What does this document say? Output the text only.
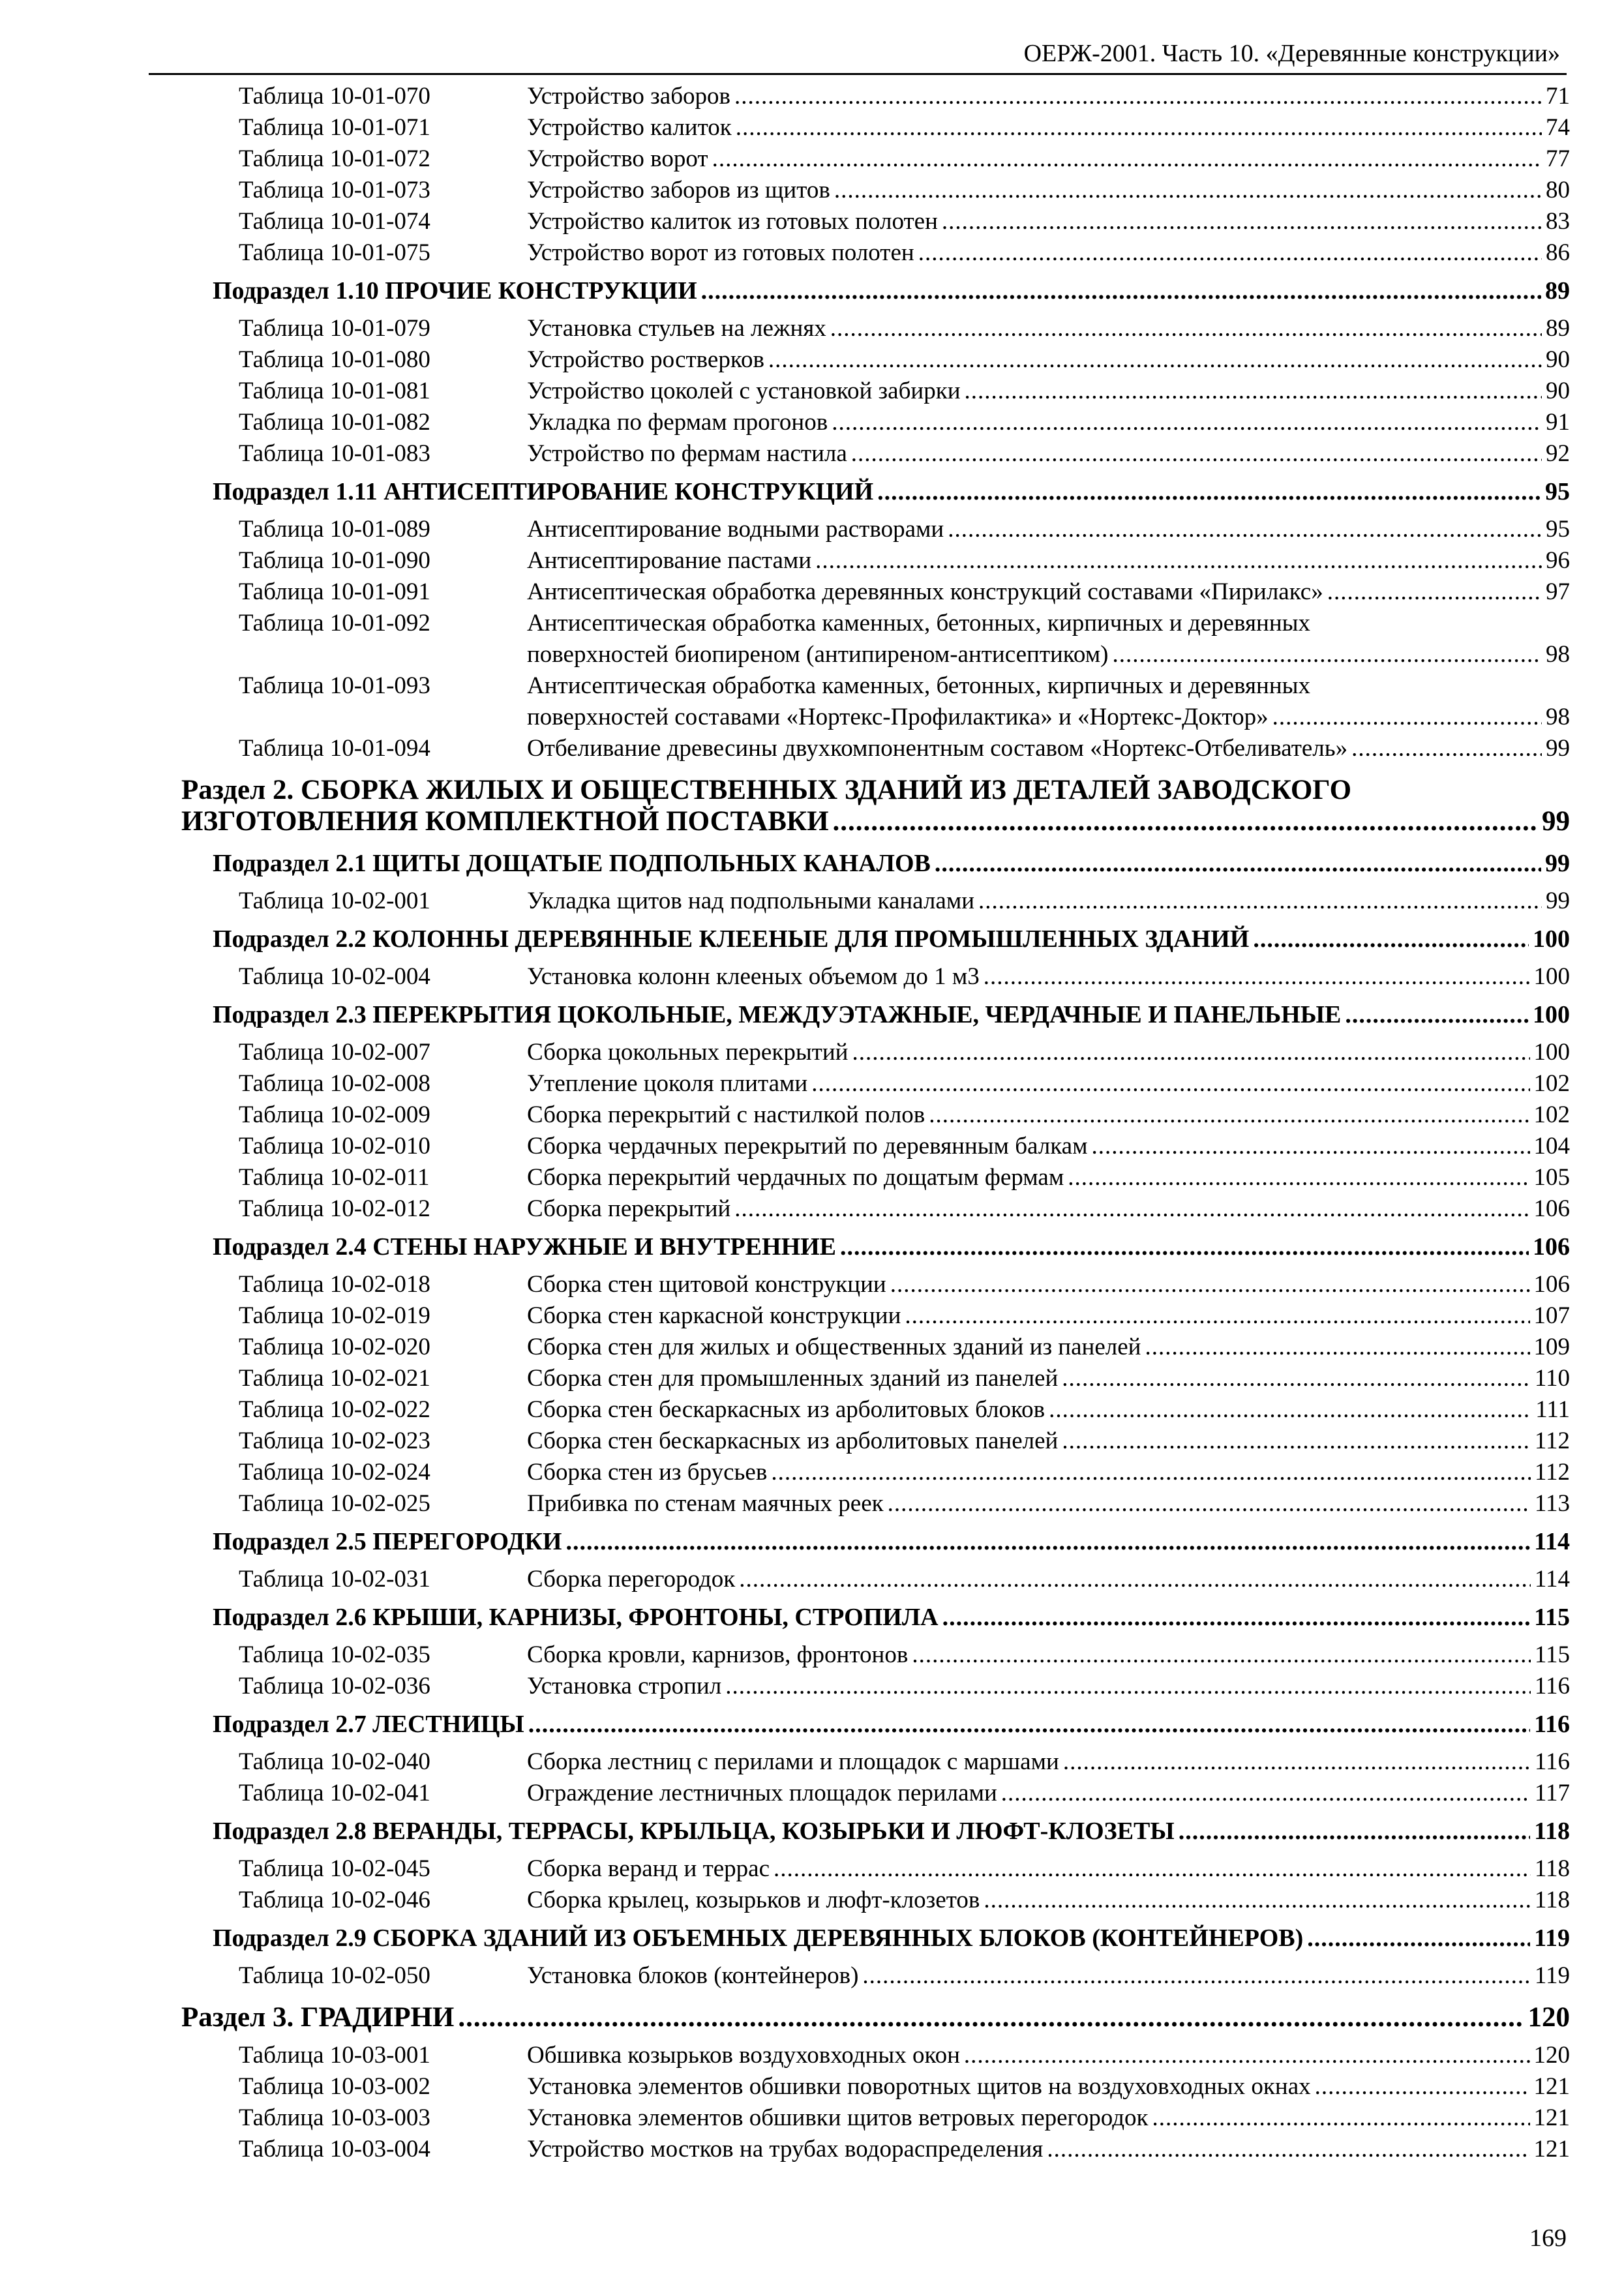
ОЕРЖ-2001. Часть 10. «Деревянные конструкции»
Таблица 10-01-070	Устройство заборов .....	71
Таблица 10-01-071	Устройство калиток .....	74
Таблица 10-01-072	Устройство ворот .....	77
Таблица 10-01-073	Устройство заборов из щитов .....	80
Таблица 10-01-074	Устройство калиток из готовых полотен .....	83
Таблица 10-01-075	Устройство ворот из готовых полотен .....	86
Подраздел 1.10 ПРОЧИЕ КОНСТРУКЦИИ .....	89
Таблица 10-01-079	Установка стульев на лежнях .....	89
Таблица 10-01-080	Устройство ростверков .....	90
Таблица 10-01-081	Устройство цоколей с установкой забирки .....	90
Таблица 10-01-082	Укладка по фермам прогонов .....	91
Таблица 10-01-083	Устройство по фермам настила .....	92
Подраздел 1.11 АНТИСЕПТИРОВАНИЕ КОНСТРУКЦИЙ .....	95
Таблица 10-01-089	Антисептирование водными растворами .....	95
Таблица 10-01-090	Антисептирование пастами .....	96
Таблица 10-01-091	Антисептическая обработка деревянных конструкций составами «Пирилакс» .....	97
Таблица 10-01-092	Антисептическая обработка каменных, бетонных, кирпичных и деревянных
поверхностей биопиреном (антипиреном-антисептиком) .....	98
Таблица 10-01-093	Антисептическая обработка каменных, бетонных, кирпичных и деревянных
поверхностей составами «Нортекс-Профилактика» и «Нортекс-Доктор» .....	98
Таблица 10-01-094	Отбеливание древесины двухкомпонентным составом «Нортекс-Отбеливатель» .....	99
Раздел 2. СБОРКА ЖИЛЫХ И ОБЩЕСТВЕННЫХ ЗДАНИЙ ИЗ ДЕТАЛЕЙ ЗАВОДСКОГО
ИЗГОТОВЛЕНИЯ КОМПЛЕКТНОЙ ПОСТАВКИ .....	99
Подраздел 2.1 ЩИТЫ ДОЩАТЫЕ ПОДПОЛЬНЫХ КАНАЛОВ .....	99
Таблица 10-02-001	Укладка щитов над подпольными каналами .....	99
Подраздел 2.2 КОЛОННЫ ДЕРЕВЯННЫЕ КЛЕЕНЫЕ ДЛЯ ПРОМЫШЛЕННЫХ ЗДАНИЙ .....	100
Таблица 10-02-004	Установка колонн клееных объемом до 1 м3 .....	100
Подраздел 2.3 ПЕРЕКРЫТИЯ ЦОКОЛЬНЫЕ, МЕЖДУЭТАЖНЫЕ, ЧЕРДАЧНЫЕ И ПАНЕЛЬНЫЕ .....	100
Таблица 10-02-007	Сборка цокольных перекрытий .....	100
Таблица 10-02-008	Утепление цоколя плитами .....	102
Таблица 10-02-009	Сборка перекрытий с настилкой полов .....	102
Таблица 10-02-010	Сборка чердачных перекрытий по деревянным балкам .....	104
Таблица 10-02-011	Сборка перекрытий чердачных по дощатым фермам .....	105
Таблица 10-02-012	Сборка перекрытий .....	106
Подраздел 2.4 СТЕНЫ НАРУЖНЫЕ И ВНУТРЕННИЕ .....	106
Таблица 10-02-018	Сборка стен щитовой конструкции .....	106
Таблица 10-02-019	Сборка стен каркасной конструкции .....	107
Таблица 10-02-020	Сборка стен для жилых и общественных зданий из панелей .....	109
Таблица 10-02-021	Сборка стен для промышленных зданий из панелей .....	110
Таблица 10-02-022	Сборка стен бескаркасных из арболитовых блоков .....	111
Таблица 10-02-023	Сборка стен бескаркасных из арболитовых панелей .....	112
Таблица 10-02-024	Сборка стен из брусьев .....	112
Таблица 10-02-025	Прибивка по стенам маячных реек .....	113
Подраздел 2.5 ПЕРЕГОРОДКИ .....	114
Таблица 10-02-031	Сборка перегородок .....	114
Подраздел 2.6 КРЫШИ, КАРНИЗЫ, ФРОНТОНЫ, СТРОПИЛА .....	115
Таблица 10-02-035	Сборка кровли, карнизов, фронтонов .....	115
Таблица 10-02-036	Установка стропил .....	116
Подраздел 2.7 ЛЕСТНИЦЫ .....	116
Таблица 10-02-040	Сборка лестниц с перилами и площадок с маршами .....	116
Таблица 10-02-041	Ограждение лестничных площадок перилами .....	117
Подраздел 2.8 ВЕРАНДЫ, ТЕРРАСЫ, КРЫЛЬЦА, КОЗЫРЬКИ И ЛЮФТ-КЛОЗЕТЫ .....	118
Таблица 10-02-045	Сборка веранд и террас .....	118
Таблица 10-02-046	Сборка крылец, козырьков и люфт-клозетов .....	118
Подраздел 2.9 СБОРКА ЗДАНИЙ ИЗ ОБЪЕМНЫХ ДЕРЕВЯННЫХ БЛОКОВ (КОНТЕЙНЕРОВ) .....	119
Таблица 10-02-050	Установка блоков (контейнеров) .....	119
Раздел 3. ГРАДИРНИ .....	120
Таблица 10-03-001	Обшивка козырьков воздуховходных окон .....	120
Таблица 10-03-002	Установка элементов обшивки поворотных щитов на воздуховходных окнах .....	121
Таблица 10-03-003	Установка элементов обшивки щитов ветровых перегородок .....	121
Таблица 10-03-004	Устройство мостков на трубах водораспределения .....	121
169
